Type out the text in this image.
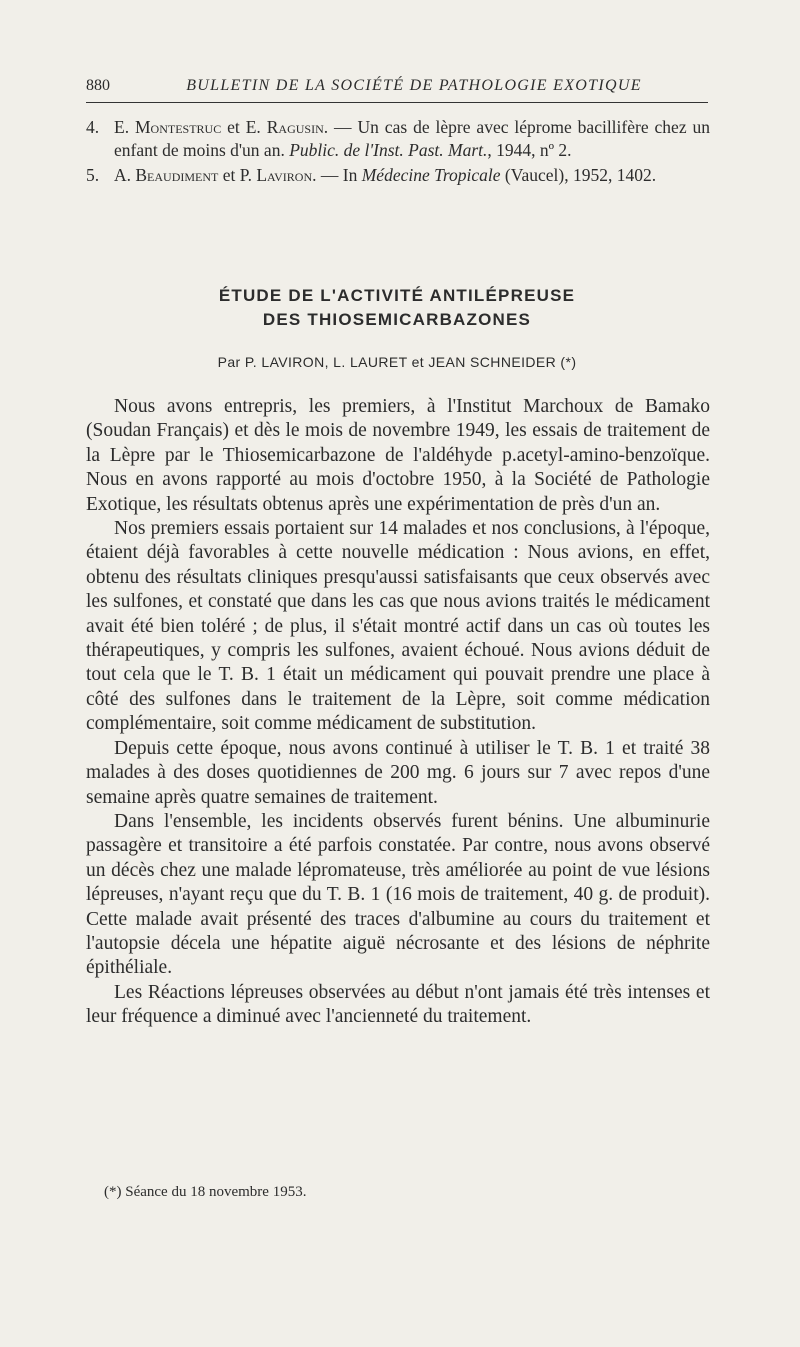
880	BULLETIN DE LA SOCIÉTÉ DE PATHOLOGIE EXOTIQUE
4. E. Montestruc et E. Ragusin. — Un cas de lèpre avec lépromе bacillifère chez un enfant de moins d'un an. Public. de l'Inst. Past. Mart., 1944, nº 2.
5. A. Beaudiment et P. Laviron. — In Médecine Tropicale (Vaucel), 1952, 1402.
ÉTUDE DE L'ACTIVITÉ ANTILÉPREUSE
DES THIOSEMICARBAZONES
Par P. LAVIRON, L. LAURET et JEAN SCHNEIDER (*)

Nous avons entrepris, les premiers, à l'Institut Marchoux de Bamako (Soudan Français) et dès le mois de novembre 1949, les essais de traitement de la Lèpre par le Thiosemicarbazone de l'aldéhyde p.acetyl-amino-benzoïque. Nous en avons rapporté au mois d'octobre 1950, à la Société de Pathologie Exotique, les résultats obtenus après une expérimentation de près d'un an.

Nos premiers essais portaient sur 14 malades et nos conclusions, à l'époque, étaient déjà favorables à cette nouvelle médication : Nous avions, en effet, obtenu des résultats cliniques presqu'aussi satisfaisants que ceux observés avec les sulfones, et constaté que dans les cas que nous avions traités le médicament avait été bien toléré ; de plus, il s'était montré actif dans un cas où toutes les thérapeutiques, y compris les sulfones, avaient échoué. Nous avions déduit de tout cela que le T. B. 1 était un médicament qui pouvait prendre une place à côté des sulfones dans le traitement de la Lèpre, soit comme médication complémentaire, soit comme médicament de substitution.

Depuis cette époque, nous avons continué à utiliser le T. B. 1 et traité 38 malades à des doses quotidiennes de 200 mg. 6 jours sur 7 avec repos d'une semaine après quatre semaines de traitement.

Dans l'ensemble, les incidents observés furent bénins. Une albuminurie passagère et transitoire a été parfois constatée. Par contre, nous avons observé un décès chez une malade lépromateuse, très améliorée au point de vue lésions lépreuses, n'ayant reçu que du T. B. 1 (16 mois de traitement, 40 g. de produit). Cette malade avait présenté des traces d'albumine au cours du traitement et l'autopsie décela une hépatite aiguë nécrosante et des lésions de néphrite épithéliale.

Les Réactions lépreuses observées au début n'ont jamais été très intenses et leur fréquence a diminué avec l'ancienneté du traitement.

(*) Séance du 18 novembre 1953.
